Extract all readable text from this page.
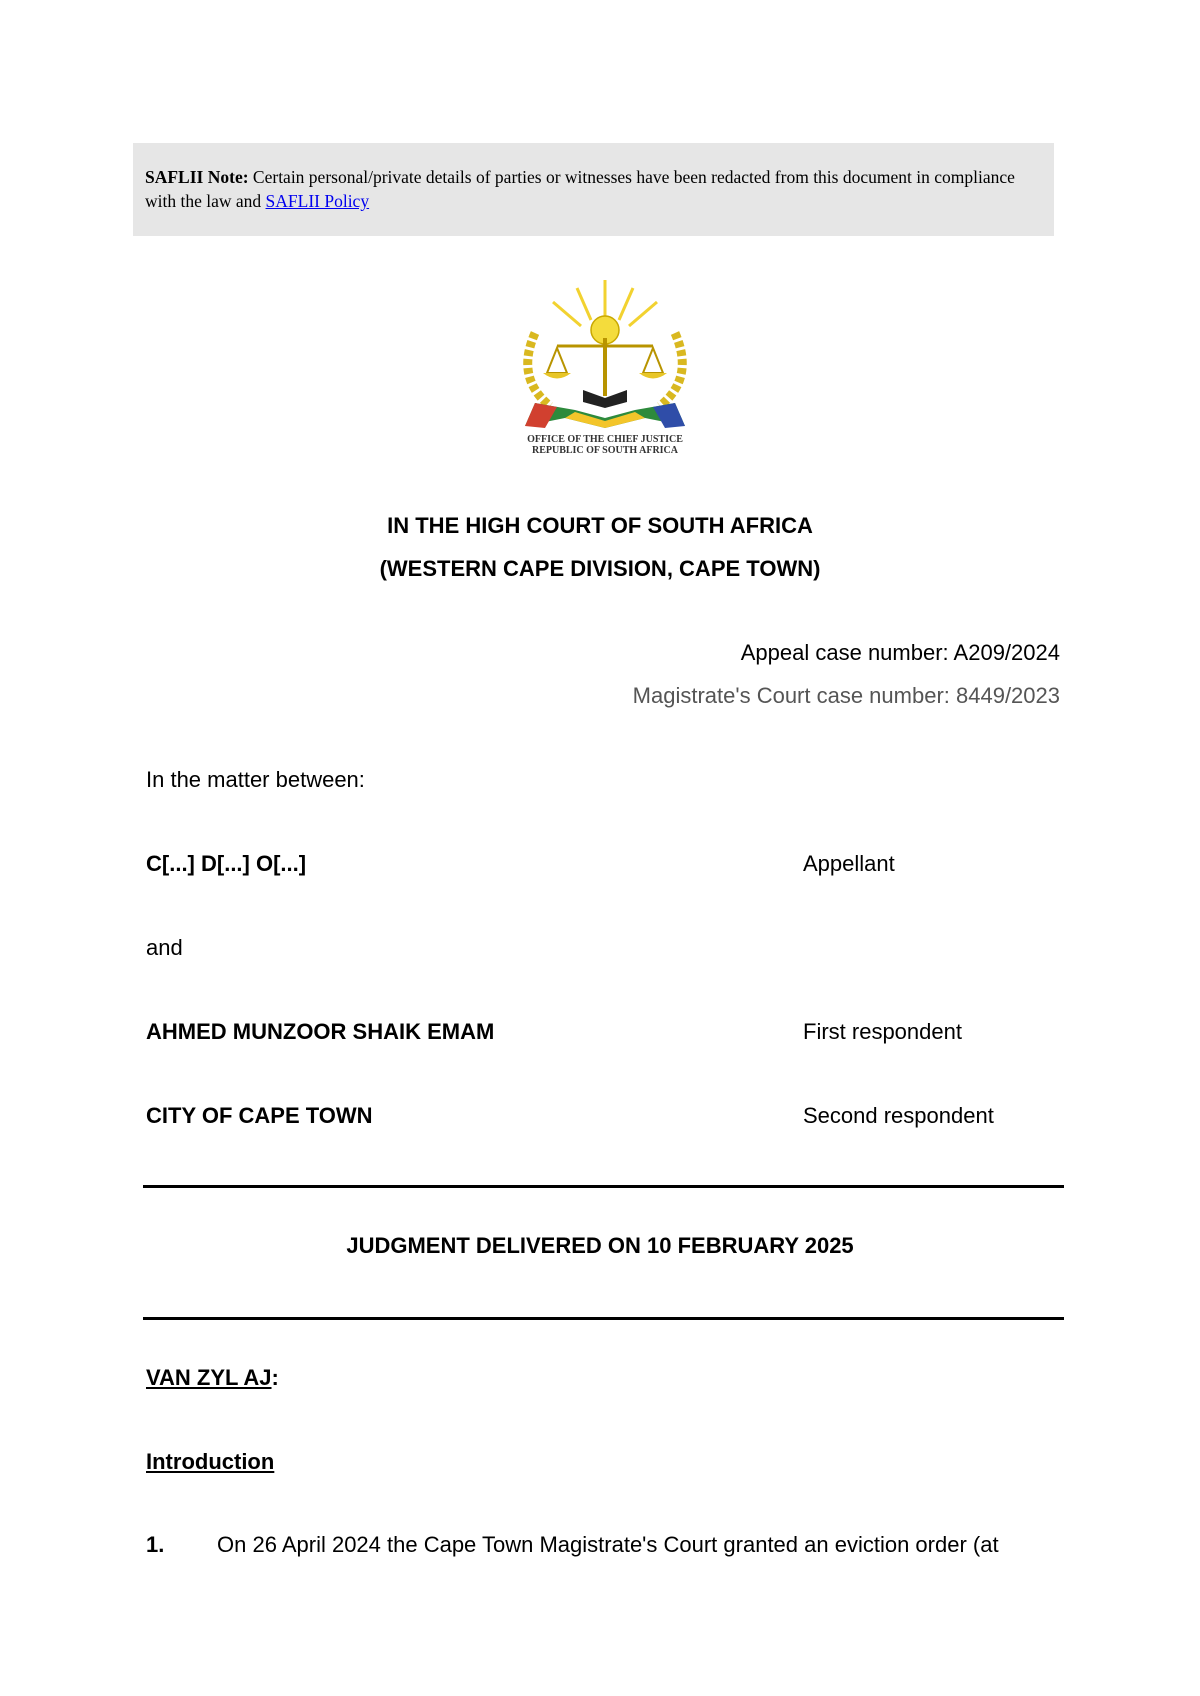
SAFLII Note: Certain personal/private details of parties or witnesses have been redacted from this document in compliance with the law and SAFLII Policy
OFFICE OF THE CHIEF JUSTICE
REPUBLIC OF SOUTH AFRICA
IN THE HIGH COURT OF SOUTH AFRICA
(WESTERN CAPE DIVISION, CAPE TOWN)
Appeal case number: A209/2024
Magistrate's Court case number: 8449/2023
In the matter between:
C[...] D[...] O[...]	Appellant
and
AHMED MUNZOOR SHAIK EMAM	First respondent
CITY OF CAPE TOWN	Second respondent
JUDGMENT DELIVERED ON 10 FEBRUARY 2025
VAN ZYL AJ:
Introduction
1. On 26 April 2024 the Cape Town Magistrate's Court granted an eviction order (at
